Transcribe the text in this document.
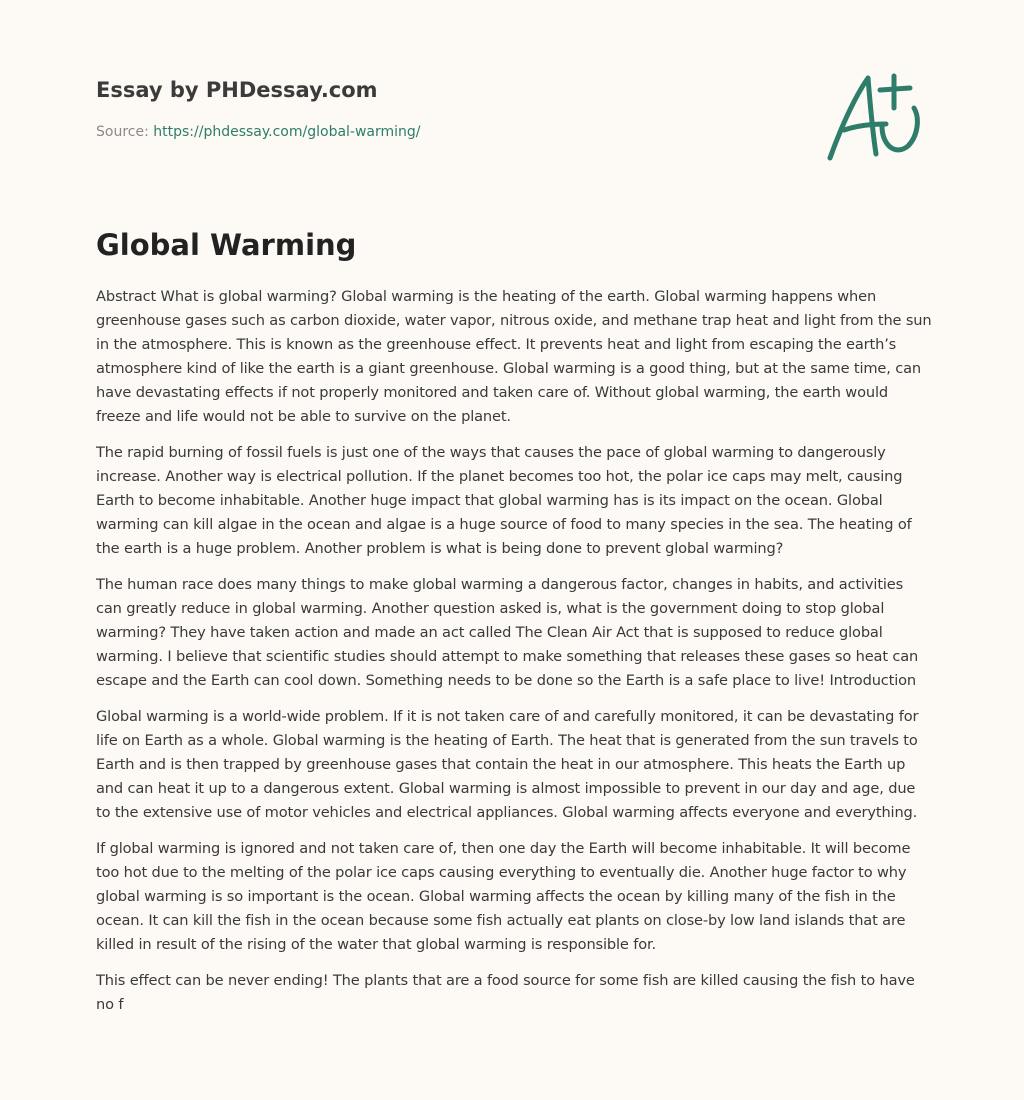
Essay by PHDessay.com
Source: https://phdessay.com/global-warming/
Global Warming

Abstract What is global warming? Global warming is the heating of the earth. Global warming happens when greenhouse gases such as carbon dioxide, water vapor, nitrous oxide, and methane trap heat and light from the sun in the atmosphere. This is known as the greenhouse effect. It prevents heat and light from escaping the earth’s atmosphere kind of like the earth is a giant greenhouse. Global warming is a good thing, but at the same time, can have devastating effects if not properly monitored and taken care of. Without global warming, the earth would freeze and life would not be able to survive on the planet.

The rapid burning of fossil fuels is just one of the ways that causes the pace of global warming to dangerously increase. Another way is electrical pollution. If the planet becomes too hot, the polar ice caps may melt, causing Earth to become inhabitable. Another huge impact that global warming has is its impact on the ocean. Global warming can kill algae in the ocean and algae is a huge source of food to many species in the sea. The heating of the earth is a huge problem. Another problem is what is being done to prevent global warming?

The human race does many things to make global warming a dangerous factor, changes in habits, and activities can greatly reduce in global warming. Another question asked is, what is the government doing to stop global warming? They have taken action and made an act called The Clean Air Act that is supposed to reduce global warming. I believe that scientific studies should attempt to make something that releases these gases so heat can escape and the Earth can cool down. Something needs to be done so the Earth is a safe place to live! Introduction

Global warming is a world-wide problem. If it is not taken care of and carefully monitored, it can be devastating for life on Earth as a whole. Global warming is the heating of Earth. The heat that is generated from the sun travels to Earth and is then trapped by greenhouse gases that contain the heat in our atmosphere. This heats the Earth up and can heat it up to a dangerous extent. Global warming is almost impossible to prevent in our day and age, due to the extensive use of motor vehicles and electrical appliances. Global warming affects everyone and everything.

If global warming is ignored and not taken care of, then one day the Earth will become inhabitable. It will become too hot due to the melting of the polar ice caps causing everything to eventually die. Another huge factor to why global warming is so important is the ocean. Global warming affects the ocean by killing many of the fish in the ocean. It can kill the fish in the ocean because some fish actually eat plants on close-by low land islands that are killed in result of the rising of the water that global warming is responsible for.

This effect can be never ending! The plants that are a food source for some fish are killed causing the fish to have no f
